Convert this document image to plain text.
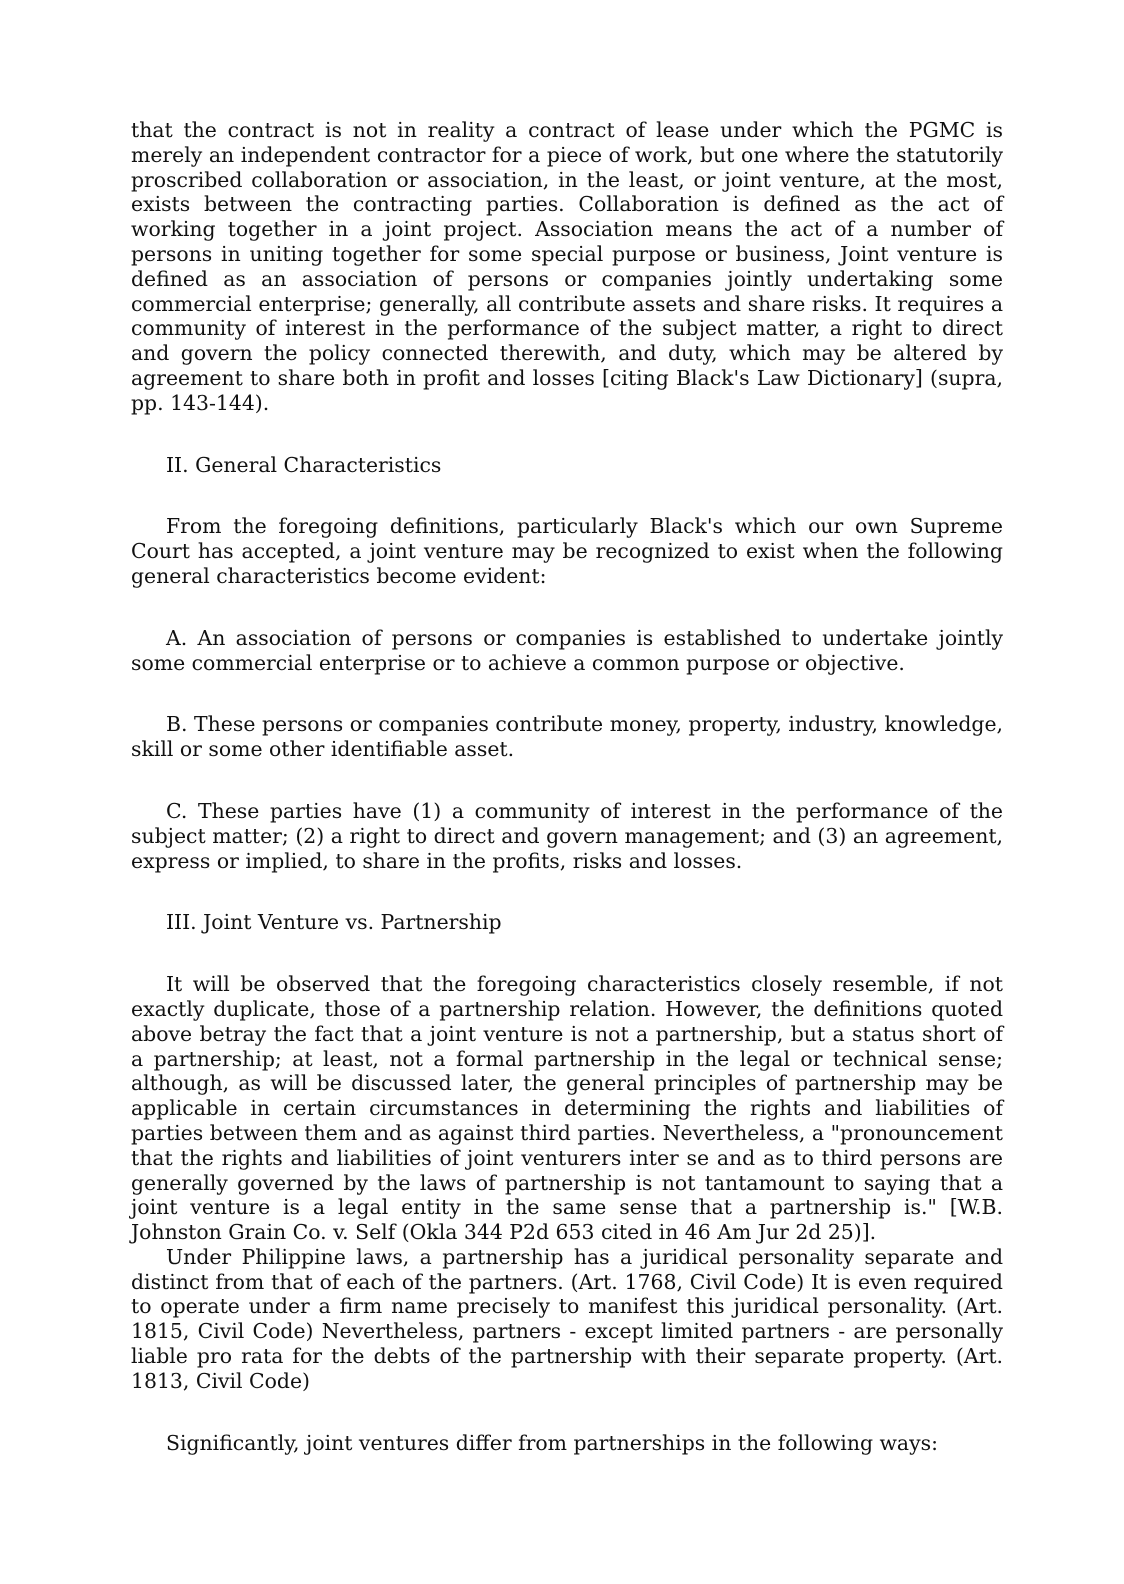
that the contract is not in reality a contract of lease under which the PGMC is merely an independent contractor for a piece of work, but one where the statutorily proscribed collaboration or association, in the least, or joint venture, at the most, exists between the contracting parties. Collaboration is defined as the act of working together in a joint project. Association means the act of a number of persons in uniting together for some special purpose or business, Joint venture is defined as an association of persons or companies jointly undertaking some commercial enterprise; generally, all contribute assets and share risks. It requires a community of interest in the performance of the subject matter, a right to direct and govern the policy connected therewith, and duty, which may be altered by agreement to share both in profit and losses [citing Black's Law Dictionary] (supra, pp. 143-144).

II. General Characteristics

From the foregoing definitions, particularly Black's which our own Supreme Court has accepted, a joint venture may be recognized to exist when the following general characteristics become evident:

A. An association of persons or companies is established to undertake jointly some commercial enterprise or to achieve a common purpose or objective.

B. These persons or companies contribute money, property, industry, knowledge, skill or some other identifiable asset.

C. These parties have (1) a community of interest in the performance of the subject matter; (2) a right to direct and govern management; and (3) an agreement, express or implied, to share in the profits, risks and losses.

III. Joint Venture vs. Partnership

It will be observed that the foregoing characteristics closely resemble, if not exactly duplicate, those of a partnership relation. However, the definitions quoted above betray the fact that a joint venture is not a partnership, but a status short of a partnership; at least, not a formal partnership in the legal or technical sense; although, as will be discussed later, the general principles of partnership may be applicable in certain circumstances in determining the rights and liabilities of parties between them and as against third parties. Nevertheless, a "pronouncement that the rights and liabilities of joint venturers inter se and as to third persons are generally governed by the laws of partnership is not tantamount to saying that a joint venture is a legal entity in the same sense that a partnership is." [W.B. Johnston Grain Co. v. Self (Okla 344 P2d 653 cited in 46 Am Jur 2d 25)].

Under Philippine laws, a partnership has a juridical personality separate and distinct from that of each of the partners. (Art. 1768, Civil Code) It is even required to operate under a firm name precisely to manifest this juridical personality. (Art. 1815, Civil Code) Nevertheless, partners - except limited partners - are personally liable pro rata for the debts of the partnership with their separate property. (Art. 1813, Civil Code)

Significantly, joint ventures differ from partnerships in the following ways:
